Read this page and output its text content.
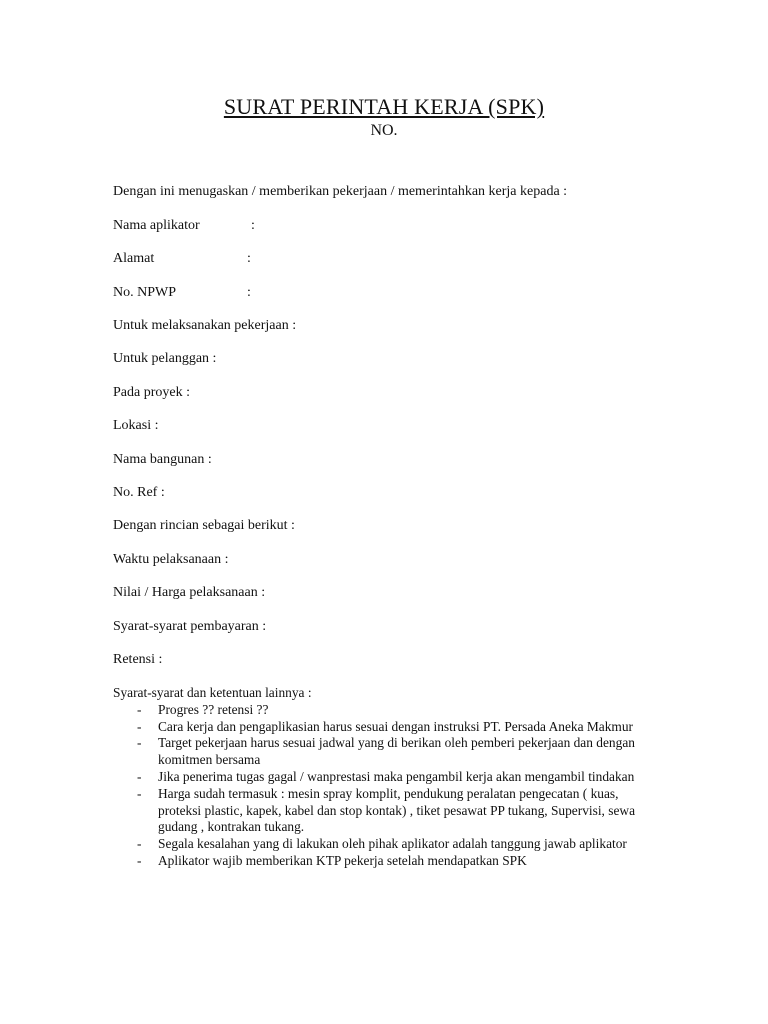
SURAT PERINTAH KERJA (SPK)
NO.
Dengan ini menugaskan / memberikan pekerjaan / memerintahkan kerja kepada :
Nama aplikator	:
Alamat	:
No. NPWP	:
Untuk melaksanakan pekerjaan :
Untuk pelanggan :
Pada proyek :
Lokasi :
Nama bangunan :
No. Ref :
Dengan rincian sebagai berikut :
Waktu pelaksanaan :
Nilai / Harga pelaksanaan :
Syarat-syarat pembayaran :
Retensi :

Syarat-syarat dan ketentuan lainnya :

- Progres ?? retensi ??
- Cara kerja dan pengaplikasian harus sesuai dengan instruksi PT. Persada Aneka Makmur
- Target pekerjaan harus sesuai jadwal yang di berikan oleh pemberi pekerjaan dan dengan komitmen bersama
- Jika penerima tugas gagal / wanprestasi maka pengambil kerja akan mengambil tindakan
- Harga sudah termasuk : mesin spray komplit, pendukung peralatan pengecatan ( kuas, proteksi plastic, kapek, kabel dan stop kontak) , tiket pesawat PP tukang, Supervisi, sewa gudang , kontrakan tukang.
- Segala kesalahan yang di lakukan oleh pihak aplikator adalah tanggung jawab aplikator
- Aplikator wajib memberikan KTP pekerja setelah mendapatkan SPK
